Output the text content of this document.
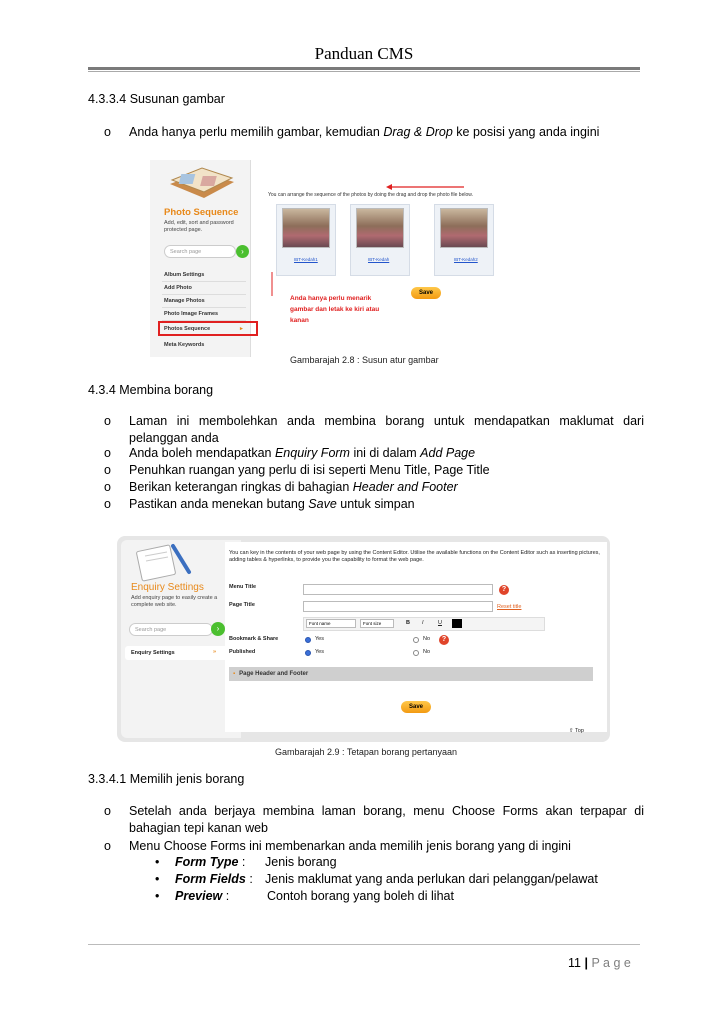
Panduan CMS
4.3.3.4 Susunan gambar
o	Anda hanya perlu memilih gambar, kemudian Drag & Drop ke posisi yang anda ingini
Photo Sequence
Add, edit, sort and password protected page.
Search page	›
Album Settings
Add Photo
Manage Photos
Photo Image Frames
Photos Sequence	▸
Meta Keywords
You can arrange the sequence of the photos by doing the drag and drop the photo file below.
IBT-Kedah1	IBT-Kedah	IBT-Kedah2
Anda hanya perlu menarik
gambar dan letak ke kiri atau
kanan
Save
Gambarajah 2.8 : Susun atur gambar
4.3.4 Membina borang
o	Laman ini membolehkan anda membina borang untuk mendapatkan maklumat dari pelanggan anda
o	Anda boleh mendapatkan Enquiry Form ini di dalam Add Page
o	Penuhkan ruangan yang perlu di isi seperti Menu Title, Page Title
o	Berikan keterangan ringkas di bahagian Header and Footer
o	Pastikan anda menekan butang Save untuk simpan
Enquiry Settings
Add enquiry page to easily create a complete web site.
Search page	›
Enquiry Settings	»
You can key in the contents of your web page by using the Content Editor. Utilise the available functions on the Content Editor such as inserting pictures, adding tables & hyperlinks, to provide you the capability to format the web page.
Menu Title	?
Page Title	Reset title
Font name	Font size	B I	U
Bookmark & Share	Yes	No	?
Published	Yes	No
▪ Page Header and Footer
Save
⇧ Top
Gambarajah 2.9 : Tetapan borang pertanyaan
3.3.4.1 Memilih jenis borang
o	Setelah anda berjaya membina laman borang, menu Choose Forms akan terpapar di bahagian tepi kanan web
o	Menu Choose Forms ini membenarkan anda memilih jenis borang yang di ingini
• Form Type : Jenis borang
• Form Fields : Jenis maklumat yang anda perlukan dari pelanggan/pelawat
• Preview :	Contoh borang yang boleh di lihat
11 | P a g e
